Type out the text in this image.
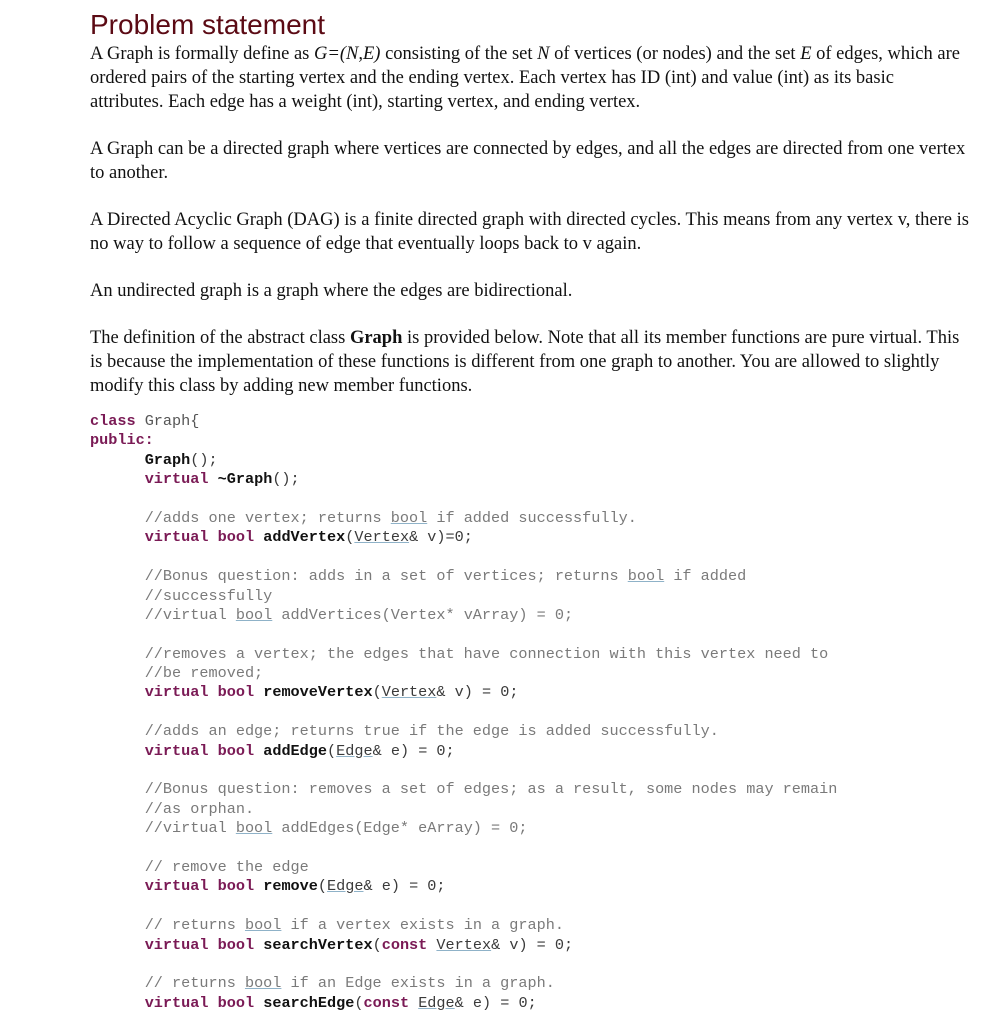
Problem statement

A Graph is formally define as G=(N,E) consisting of the set N of vertices (or nodes) and the set E of edges, which are ordered pairs of the starting vertex and the ending vertex. Each vertex has ID (int) and value (int) as its basic attributes. Each edge has a weight (int), starting vertex, and ending vertex.

A Graph can be a directed graph where vertices are connected by edges, and all the edges are directed from one vertex to another.

A Directed Acyclic Graph (DAG) is a finite directed graph with directed cycles. This means from any vertex v, there is no way to follow a sequence of edge that eventually loops back to v again.

An undirected graph is a graph where the edges are bidirectional.

The definition of the abstract class Graph is provided below. Note that all its member functions are pure virtual. This is because the implementation of these functions is different from one graph to another. You are allowed to slightly modify this class by adding new member functions.

class Graph{
public:
Graph();
virtual ~Graph();
//adds one vertex; returns bool if added successfully.
virtual bool addVertex(Vertex& v)=0;
//Bonus question: adds in a set of vertices; returns bool if added
//successfully
//virtual bool addVertices(Vertex* vArray) = 0;
//removes a vertex; the edges that have connection with this vertex need to
//be removed;
virtual bool removeVertex(Vertex& v) = 0;
//adds an edge; returns true if the edge is added successfully.
virtual bool addEdge(Edge& e) = 0;
//Bonus question: removes a set of edges; as a result, some nodes may remain
//as orphan.
//virtual bool addEdges(Edge* eArray) = 0;
// remove the edge
virtual bool remove(Edge& e) = 0;
// returns bool if a vertex exists in a graph.
virtual bool searchVertex(const Vertex& v) = 0;
// returns bool if an Edge exists in a graph.
virtual bool searchEdge(const Edge& e) = 0;
